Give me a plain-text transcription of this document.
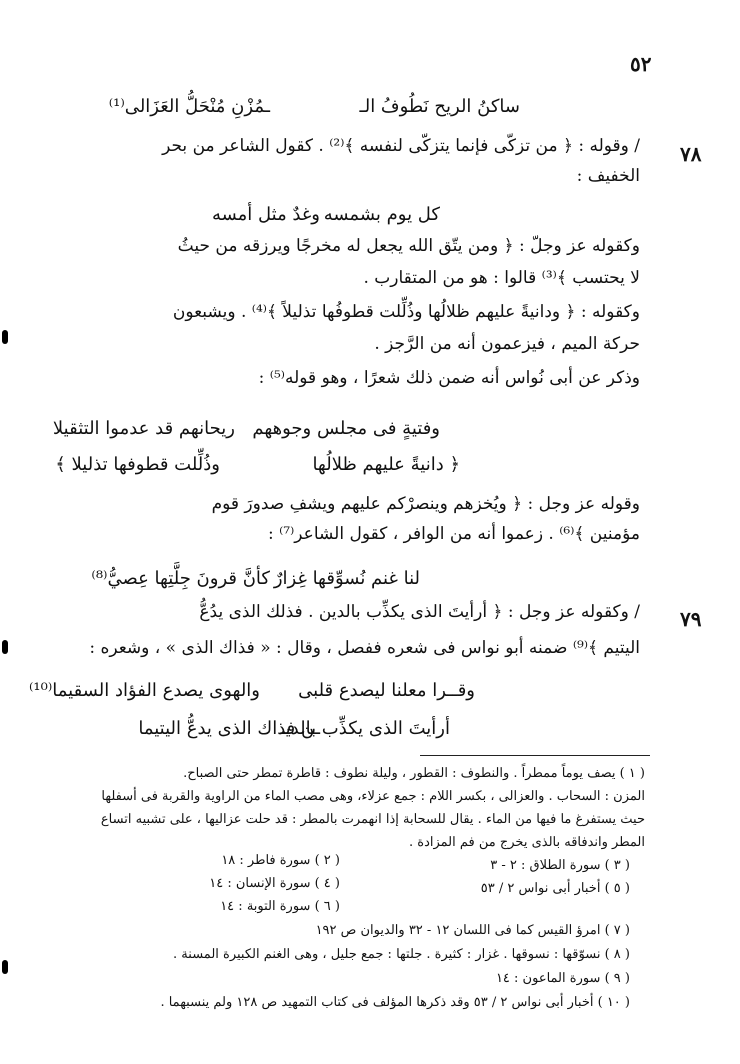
٥٢
٧٨
٧٩
ساكنُ الريح نَطُوفُ الـ
ـمُزْنِ مُنْحَلُّ العَزَالى⁽¹⁾
/ وقوله : ﴿ من تزكّى فإنما يتزكّى لنفسه ﴾⁽²⁾ . كقول الشاعر من بحر
الخفيف :
كل يوم بشمسه
وغدٌ مثل أمسه
وكقوله عز وجلّ : ﴿ ومن يتّق الله يجعل له مخرجًا ويرزقه من حيثُ
لا يحتسب ﴾⁽³⁾ قالوا : هو من المتقارب .
وكقوله : ﴿ ودانيةً عليهم ظلالُها وذُلِّلت قطوفُها تذليلاً ﴾⁽⁴⁾ . ويشبعون
حركة الميم ، فيزعمون أنه من الرَّجز .
وذكر عن أبى نُواس أنه ضمن ذلك شعرًا ، وهو قوله⁽⁵⁾ :
وفتيةٍ فى مجلس وجوههم
ريحانهم قد عدموا التثقيلا
﴿ دانيةً عليهم ظلالُها
وذُلِّلت قطوفها تذليلا ﴾
وقوله عز وجل : ﴿ ويُخزهم وينصرْكم عليهم ويشفِ صدورَ قوم
مؤمنين ﴾⁽⁶⁾ . زعموا أنه من الوافر ، كقول الشاعر⁽⁷⁾ :
لنا غنم نُسوِّقها غِزارٌ
كأنَّ قرونَ جِلَّتِها عِصيُّ⁽⁸⁾
/ وكقوله عز وجل : ﴿ أرأيتَ الذى يكذِّب بالدين . فذلك الذى يدُعُّ
اليتيم ﴾⁽⁹⁾ ضمنه أبو نواس فى شعره ففصل ، وقال : « فذاك الذى » ، وشعره :
وقــرا معلنا ليصدع قلبى
والهوى يصدع الفؤاد السقيما⁽¹⁰⁾
أرأيتَ الذى يكذِّب بالديـ
ـن فذاك الذى يدعُّ اليتيما
( ١ ) يصف يوماً ممطراً . والنطوف : القطور ، وليلة نطوف : قاطرة تمطر حتى الصباح.
المزن : السحاب . والعزالى ، بكسر اللام : جمع عزلاء، وهى مصب الماء من الراوية والقربة فى أسفلها
حيث يستفرغ ما فيها من الماء . يقال للسحابة إذا انهمرت بالمطر : قد حلت عزاليها ، على تشبيه اتساع
المطر واندفاقه بالذى يخرج من فم المزادة .
( ٣ ) سورة الطلاق : ٢ - ٣
( ٢ ) سورة فاطر : ١٨
( ٥ ) أخبار أبى نواس ٢ / ٥٣
( ٤ ) سورة الإنسان : ١٤
( ٦ ) سورة التوبة : ١٤
( ٧ ) امرؤ القيس كما فى اللسان ١٢ - ٣٢ والديوان ص ١٩٢
( ٨ ) نسوّقها : نسوقها . غزار : كثيرة . جلتها : جمع جليل ، وهى الغنم الكبيرة المسنة .
( ٩ ) سورة الماعون : ١٤
( ١٠ ) أخبار أبى نواس ٢ / ٥٣ وقد ذكرها المؤلف فى كتاب التمهيد ص ١٢٨ ولم ينسبهما .
